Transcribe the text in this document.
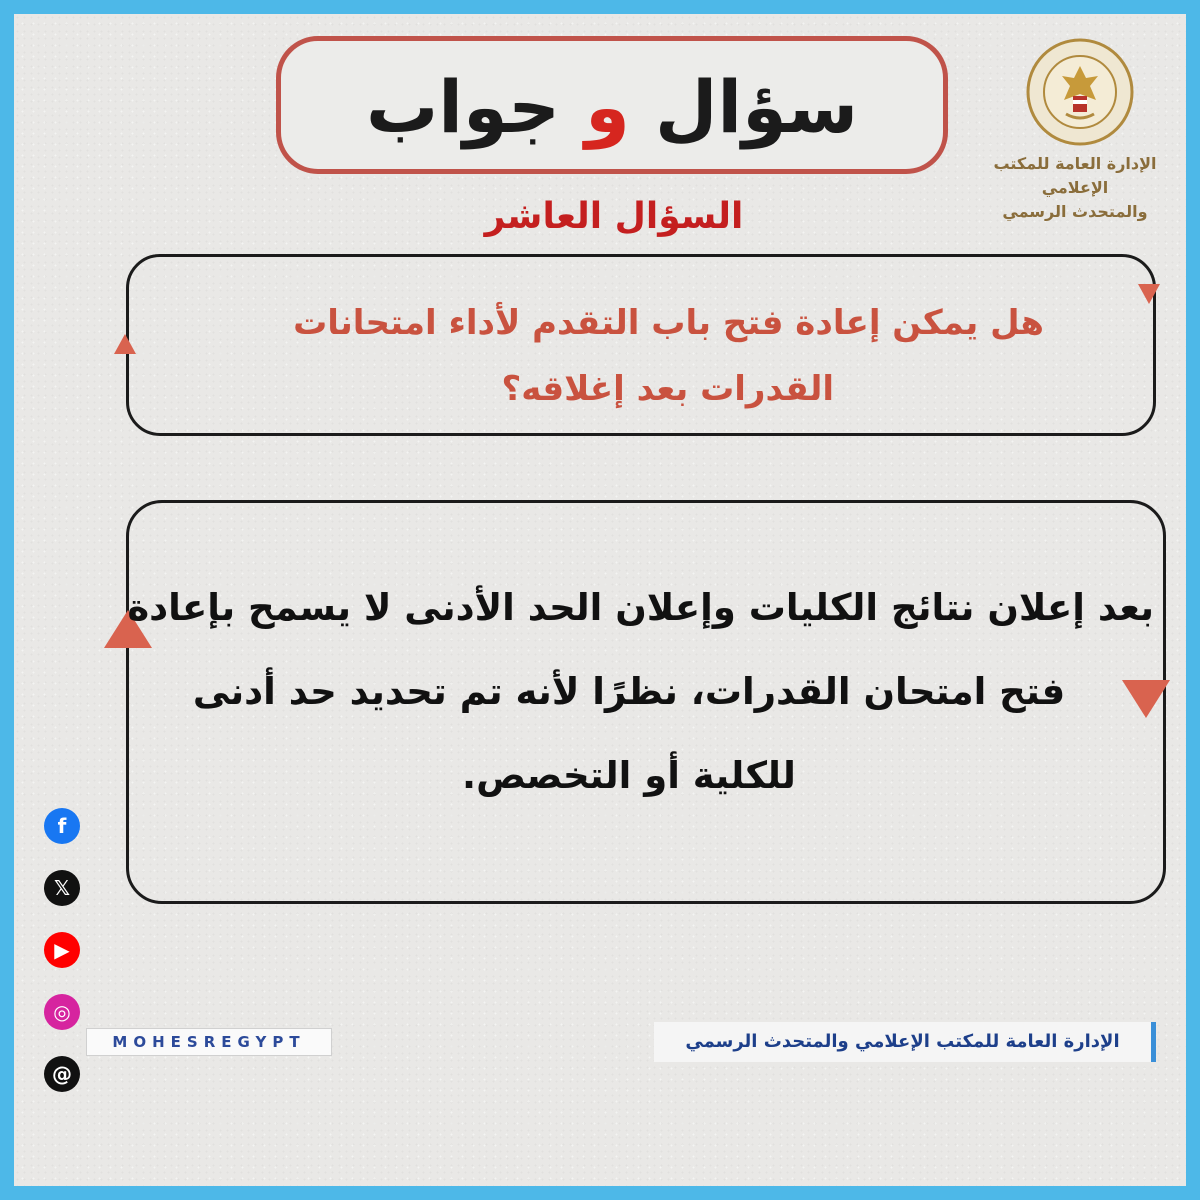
سؤال و جواب
السؤال العاشر
الإدارة العامة للمكتب الإعلامي
والمتحدث الرسمي
هل يمكن إعادة فتح باب التقدم لأداء امتحانات
القدرات بعد إغلاقه؟
بعد إعلان نتائج الكليات وإعلان الحد الأدنى لا يسمح بإعادة
فتح امتحان القدرات، نظرًا لأنه تم تحديد حد أدنى
للكلية أو التخصص.
f
𝕏
▶
◎
@
MOHESREGYPT	الإدارة العامة للمكتب الإعلامي والمتحدث الرسمي
